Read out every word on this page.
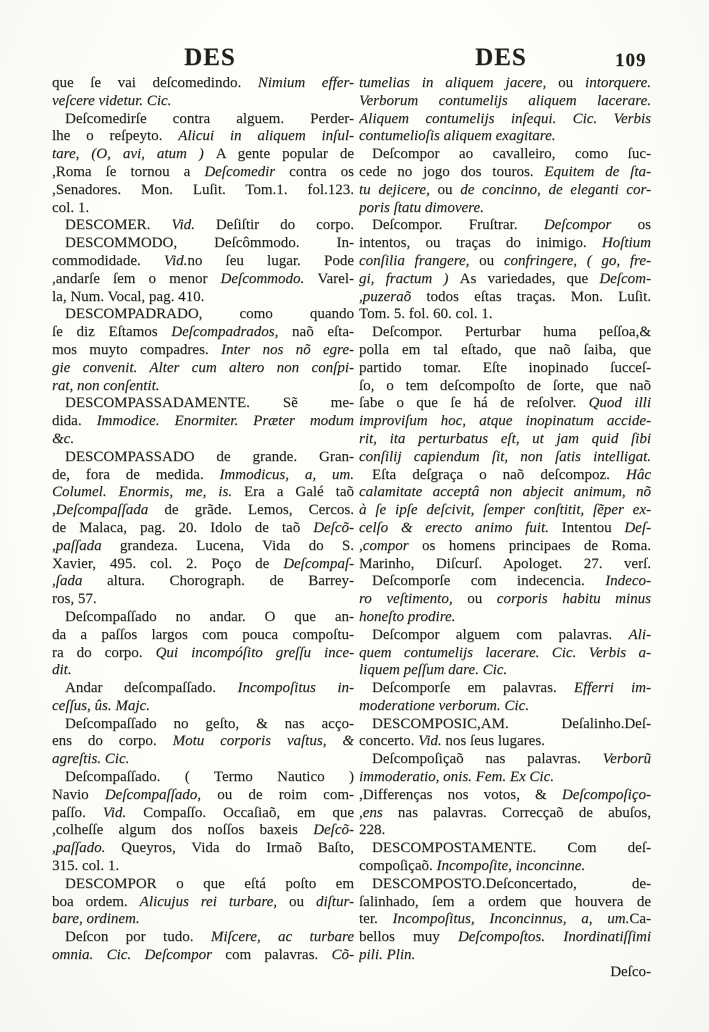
DES	DES	109
que ſe vai deſcomedindo. Nimium effer-
veſcere videtur. Cic.
Deſcomedirſe contra alguem. Perder-
lhe o reſpeyto. Alicui in aliquem inſul-
tare, (O, avi, atum ) A gente popular de
,Roma ſe tornou a Deſcomedir contra os
,Senadores. Mon. Luſit. Tom.1. fol.123.
col. 1.
DESCOMER. Vid. Deſiſtir do corpo.
DESCOMMODO, Deſcômmodo. In-
commodidade. Vid.no ſeu lugar. Pode
,andarſe ſem o menor Deſcommodo. Varel-
la, Num. Vocal, pag. 410.
DESCOMPADRADO, como quando
ſe diz Eſtamos Deſcompadrados, naõ eſta-
mos muyto compadres. Inter nos nõ egre-
gie convenit. Alter cum altero non conſpi-
rat, non conſentit.
DESCOMPASSADAMENTE. Sẽ me-
dida. Immodice. Enormiter. Præter modum
&c.
DESCOMPASSADO de grande. Gran-
de, fora de medida. Immodicus, a, um.
Columel. Enormis, me, is. Era a Galé taõ
,Deſcompaſſada de grãde. Lemos, Cercos.
de Malaca, pag. 20. Idolo de taõ Deſcõ-
,paſſada grandeza. Lucena, Vida do S.
Xavier, 495. col. 2. Poço de Deſcompaſ-
,ſada altura. Chorograph. de Barrey-
ros, 57.
Deſcompaſſado no andar. O que an-
da a paſſos largos com pouca compoſtu-
ra do corpo. Qui incompóſito greſſu ince-
dit.
Andar deſcompaſſado. Incompoſitus in-
ceſſus, ûs. Majc.
Deſcompaſſado no geſto, & nas acço-
ens do corpo. Motu corporis vaſtus, &
agreſtis. Cic.
Deſcompaſſado. ( Termo Nautico )
Navio Deſcompaſſado, ou de roim com-
paſſo. Vid. Compaſſo. Occaſiaõ, em que
,colheſſe algum dos noſſos baxeis Deſcõ-
,paſſado. Queyros, Vida do Irmaõ Baſto,
315. col. 1.
DESCOMPOR o que eſtá poſto em
boa ordem. Alicujus rei turbare, ou diſtur-
bare, ordinem.
Deſcon por tudo. Miſcere, ac turbare
omnia. Cic. Deſcompor com palavras. Cõ-
tumelias in aliquem jacere, ou intorquere.
Verborum contumelijs aliquem lacerare.
Aliquem contumelijs inſequi. Cic. Verbis
contumelioſis aliquem exagitare.
Deſcompor ao cavalleiro, como ſuc-
cede no jogo dos touros. Equitem de ſta-
tu dejicere, ou de concinno, de eleganti cor-
poris ſtatu dimovere.
Deſcompor. Fruſtrar. Deſcompor os
intentos, ou traças do inimigo. Hoſtium
conſilia frangere, ou confringere, ( go, fre-
gi, fractum ) As variedades, que Deſcom-
,puzeraõ todos eſtas traças. Mon. Luſit.
Tom. 5. fol. 60. col. 1.
Deſcompor. Perturbar huma peſſoa,&
polla em tal eſtado, que naõ ſaiba, que
partido tomar. Eſte inopinado ſucceſ-
ſo, o tem deſcompoſto de ſorte, que naõ
ſabe o que ſe há de reſolver. Quod illi
improviſum hoc, atque inopinatum accide-
rit, ita perturbatus eſt, ut jam quid ſibi
conſilij capiendum ſit, non ſatis intelligat.
Eſta deſgraça o naõ deſcompoz. Hâc
calamitate acceptâ non abjecit animum, nõ
à ſe ipſe deſcivit, ſemper conſtitit, ſẽper ex-
celſo & erecto animo fuit. Intentou Deſ-
,compor os homens principaes de Roma.
Marinho, Diſcurſ. Apologet. 27. verſ.
Deſcomporſe com indecencia. Indeco-
ro veſtimento, ou corporis habitu minus
honeſto prodire.
Deſcompor alguem com palavras. Ali-
quem contumelijs lacerare. Cic. Verbis a-
liquem peſſum dare. Cic.
Deſcomporſe em palavras. Efferri im-
moderatione verborum. Cic.
DESCOMPOSIC,AM. Deſalinho.Deſ-
concerto. Vid. nos ſeus lugares.
Deſcompoſiçaõ nas palavras. Verborũ
immoderatio, onis. Fem. Ex Cic.
,Differenças nos votos, & Deſcompoſiço-
,ens nas palavras. Correcçaõ de abuſos,
228.
DESCOMPOSTAMENTE. Com deſ-
compoſiçaõ. Incompoſite, inconcinne.
DESCOMPOSTO.Deſconcertado, de-
ſalinhado, ſem a ordem que houvera de
ter. Incompoſitus, Inconcinnus, a, um.Ca-
bellos muy Deſcompoſtos. Inordinatiſſimi
pili. Plin.
Deſco-
